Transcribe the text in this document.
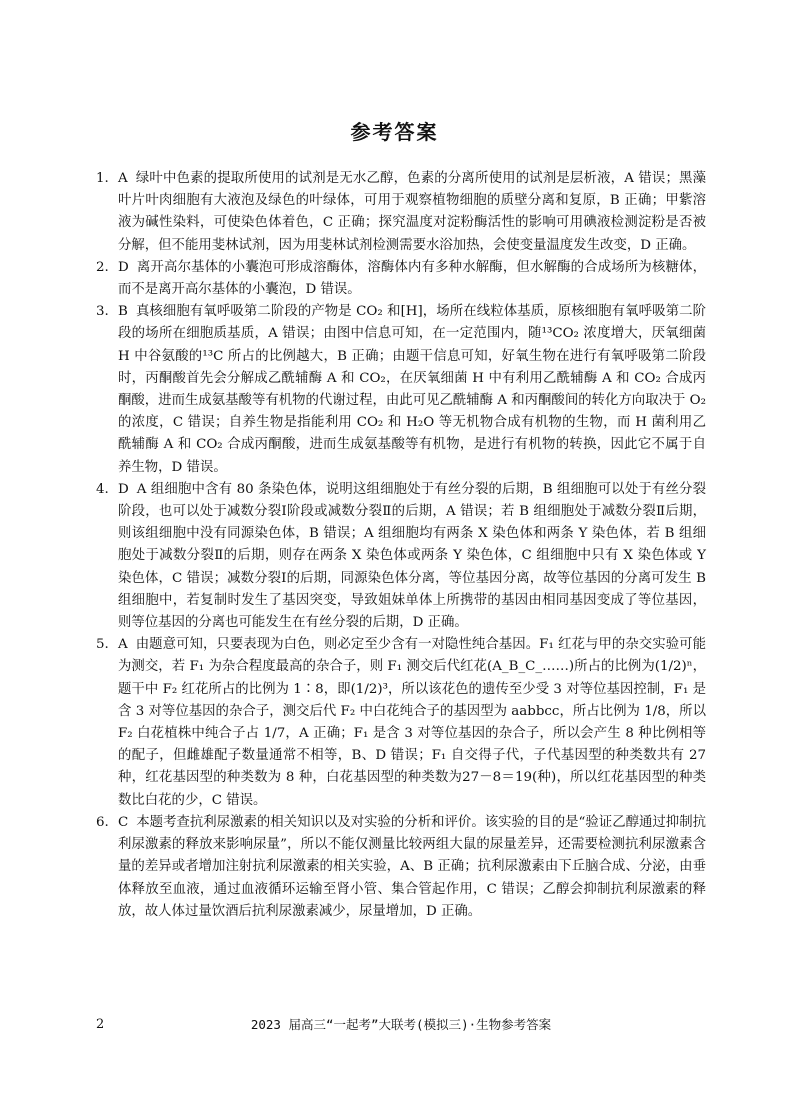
参考答案
1. A 绿叶中色素的提取所使用的试剂是无水乙醇，色素的分离所使用的试剂是层析液，A 错误；黑藻叶片叶肉细胞有大液泡及绿色的叶绿体，可用于观察植物细胞的质壁分离和复原，B 正确；甲紫溶液为碱性染料，可使染色体着色，C 正确；探究温度对淀粉酶活性的影响可用碘液检测淀粉是否被分解，但不能用斐林试剂，因为用斐林试剂检测需要水浴加热，会使变量温度发生改变，D 正确。
2. D 离开高尔基体的小囊泡可形成溶酶体，溶酶体内有多种水解酶，但水解酶的合成场所为核糖体，而不是离开高尔基体的小囊泡，D 错误。
3. B 真核细胞有氧呼吸第二阶段的产物是 CO₂ 和[H]，场所在线粒体基质，原核细胞有氧呼吸第二阶段的场所在细胞质基质，A 错误；由图中信息可知，在一定范围内，随¹³CO₂ 浓度增大，厌氧细菌 H 中谷氨酸的¹³C 所占的比例越大，B 正确；由题干信息可知，好氧生物在进行有氧呼吸第二阶段时，丙酮酸首先会分解成乙酰辅酶 A 和 CO₂，在厌氧细菌 H 中有利用乙酰辅酶 A 和 CO₂ 合成丙酮酸，进而生成氨基酸等有机物的代谢过程，由此可见乙酰辅酶 A 和丙酮酸间的转化方向取决于 O₂ 的浓度，C 错误；自养生物是指能利用 CO₂ 和 H₂O 等无机物合成有机物的生物，而 H 菌利用乙酰辅酶 A 和 CO₂ 合成丙酮酸，进而生成氨基酸等有机物，是进行有机物的转换，因此它不属于自养生物，D 错误。
4. D A 组细胞中含有 80 条染色体，说明这组细胞处于有丝分裂的后期，B 组细胞可以处于有丝分裂阶段，也可以处于减数分裂Ⅰ阶段或减数分裂Ⅱ的后期，A 错误；若 B 组细胞处于减数分裂Ⅱ后期，则该组细胞中没有同源染色体，B 错误；A 组细胞均有两条 X 染色体和两条 Y 染色体，若 B 组细胞处于减数分裂Ⅱ的后期，则存在两条 X 染色体或两条 Y 染色体，C 组细胞中只有 X 染色体或 Y 染色体，C 错误；减数分裂Ⅰ的后期，同源染色体分离，等位基因分离，故等位基因的分离可发生 B 组细胞中，若复制时发生了基因突变，导致姐妹单体上所携带的基因由相同基因变成了等位基因，则等位基因的分离也可能发生在有丝分裂的后期，D 正确。
5. A 由题意可知，只要表现为白色，则必定至少含有一对隐性纯合基因。F₁ 红花与甲的杂交实验可能为测交，若 F₁ 为杂合程度最高的杂合子，则 F₁ 测交后代红花(A_B_C_……)所占的比例为(1/2)ⁿ，题干中 F₂ 红花所占的比例为 1∶8，即(1/2)³，所以该花色的遗传至少受 3 对等位基因控制，F₁ 是含 3 对等位基因的杂合子，测交后代 F₂ 中白花纯合子的基因型为 aabbcc，所占比例为 1/8，所以 F₂ 白花植株中纯合子占 1/7，A 正确；F₁ 是含 3 对等位基因的杂合子，所以会产生 8 种比例相等的配子，但雌雄配子数量通常不相等，B、D 错误；F₁ 自交得子代，子代基因型的种类数共有 27 种，红花基因型的种类数为 8 种，白花基因型的种类数为27－8＝19(种)，所以红花基因型的种类数比白花的少，C 错误。
6. C 本题考查抗利尿激素的相关知识以及对实验的分析和评价。该实验的目的是“验证乙醇通过抑制抗利尿激素的释放来影响尿量”，所以不能仅测量比较两组大鼠的尿量差异，还需要检测抗利尿激素含量的差异或者增加注射抗利尿激素的相关实验，A、B 正确；抗利尿激素由下丘脑合成、分泌，由垂体释放至血液，通过血液循环运输至肾小管、集合管起作用，C 错误；乙醇会抑制抗利尿激素的释放，故人体过量饮酒后抗利尿激素减少，尿量增加，D 正确。
2	2023 届高三“一起考”大联考(模拟三)·生物参考答案
